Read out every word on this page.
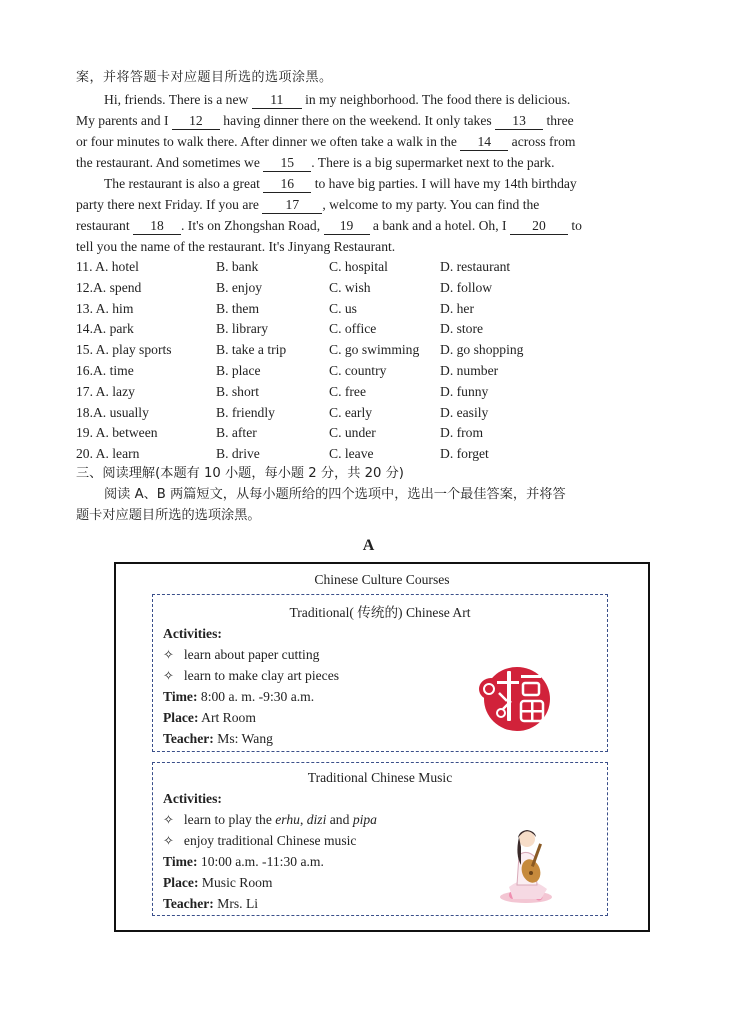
案，并将答题卡对应题目所选的选项涂黑。
Hi, friends. There is a new 11 in my neighborhood. The food there is delicious.
My parents and I 12 having dinner there on the weekend. It only takes 13 three
or four minutes to walk there. After dinner we often take a walk in the 14 across from
the restaurant. And sometimes we 15 . There is a big supermarket next to the park.
The restaurant is also a great 16 to have big parties. I will have my 14th birthday
party there next Friday. If you are 17 , welcome to my party. You can find the
restaurant 18 . It's on Zhongshan Road, 19 a bank and a hotel. Oh, I 20 to
tell you the name of the restaurant. It's Jinyang Restaurant.
11. A. hotel	B. bank	C. hospital	D. restaurant
12.A. spend	B. enjoy	C. wish	D. follow
13. A. him	B. them	C. us	D. her
14.A. park	B. library	C. office	D. store
15. A. play sports	B. take a trip	C. go swimming D. go shopping
16.A. time	B. place	C. country	D. number
17. A. lazy	B. short	C. free	D. funny
18.A. usually	B. friendly	C. early	D. easily
19. A. between	B. after	C. under	D. from
20. A. learn	B. drive	C. leave	D. forget
三、阅读理解(本题有 10 小题，每小题 2 分，共 20 分)
阅读 A、B 两篇短文，从每小题所给的四个选项中，选出一个最佳答案，并将答
题卡对应题目所选的选项涂黑。
A
Chinese Culture Courses
Traditional( 传统的) Chinese Art
Activities:
✧ learn about paper cutting
✧ learn to make clay art pieces
Time: 8:00 a. m. -9:30 a.m.
Place: Art Room
Teacher: Ms: Wang
Traditional Chinese Music
Activities:
✧ learn to play the erhu, dizi and pipa
✧ enjoy traditional Chinese music
Time: 10:00 a.m. -11:30 a.m.
Place: Music Room
Teacher: Mrs. Li
